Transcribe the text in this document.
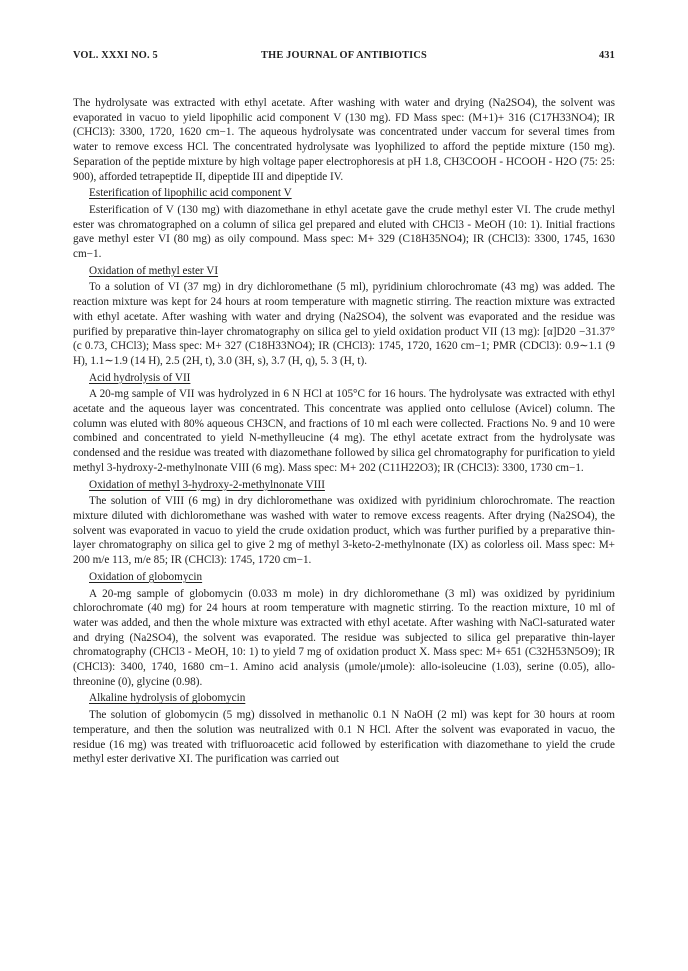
VOL. XXXI NO. 5	THE JOURNAL OF ANTIBIOTICS	431

The hydrolysate was extracted with ethyl acetate. After washing with water and drying (Na2SO4), the solvent was evaporated in vacuo to yield lipophilic acid component V (130 mg). FD Mass spec: (M+1)+ 316 (C17H33NO4); IR (CHCl3): 3300, 1720, 1620 cm−1. The aqueous hydrolysate was concentrated under vaccum for several times from water to remove excess HCl. The concentrated hydrolysate was lyophilized to afford the peptide mixture (150 mg). Separation of the peptide mixture by high voltage paper electrophoresis at pH 1.8, CH3COOH - HCOOH - H2O (75: 25: 900), afforded tetrapeptide II, dipeptide III and dipeptide IV.

Esterification of lipophilic acid component V

Esterification of V (130 mg) with diazomethane in ethyl acetate gave the crude methyl ester VI. The crude methyl ester was chromatographed on a column of silica gel prepared and eluted with CHCl3 - MeOH (10: 1). Initial fractions gave methyl ester VI (80 mg) as oily compound. Mass spec: M+ 329 (C18H35NO4); IR (CHCl3): 3300, 1745, 1630 cm−1.

Oxidation of methyl ester VI

To a solution of VI (37 mg) in dry dichloromethane (5 ml), pyridinium chlorochromate (43 mg) was added. The reaction mixture was kept for 24 hours at room temperature with magnetic stirring. The reaction mixture was extracted with ethyl acetate. After washing with water and drying (Na2SO4), the solvent was evaporated and the residue was purified by preparative thin-layer chromatography on silica gel to yield oxidation product VII (13 mg): [α]D20 −31.37° (c 0.73, CHCl3); Mass spec: M+ 327 (C18H33NO4); IR (CHCl3): 1745, 1720, 1620 cm−1; PMR (CDCl3): 0.9∼1.1 (9 H), 1.1∼1.9 (14 H), 2.5 (2H, t), 3.0 (3H, s), 3.7 (H, q), 5. 3 (H, t).

Acid hydrolysis of VII

A 20-mg sample of VII was hydrolyzed in 6 N HCl at 105°C for 16 hours. The hydrolysate was extracted with ethyl acetate and the aqueous layer was concentrated. This concentrate was applied onto cellulose (Avicel) column. The column was eluted with 80% aqueous CH3CN, and fractions of 10 ml each were collected. Fractions No. 9 and 10 were combined and concentrated to yield N-methylleucine (4 mg). The ethyl acetate extract from the hydrolysate was condensed and the residue was treated with diazomethane followed by silica gel chromatography for purification to yield methyl 3-hydroxy-2-methylnonate VIII (6 mg). Mass spec: M+ 202 (C11H22O3); IR (CHCl3): 3300, 1730 cm−1.

Oxidation of methyl 3-hydroxy-2-methylnonate VIII

The solution of VIII (6 mg) in dry dichloromethane was oxidized with pyridinium chlorochromate. The reaction mixture diluted with dichloromethane was washed with water to remove excess reagents. After drying (Na2SO4), the solvent was evaporated in vacuo to yield the crude oxidation product, which was further purified by a preparative thin-layer chromatography on silica gel to give 2 mg of methyl 3-keto-2-methylnonate (IX) as colorless oil. Mass spec: M+ 200 m/e 113, m/e 85; IR (CHCl3): 1745, 1720 cm−1.

Oxidation of globomycin

A 20-mg sample of globomycin (0.033 m mole) in dry dichloromethane (3 ml) was oxidized by pyridinium chlorochromate (40 mg) for 24 hours at room temperature with magnetic stirring. To the reaction mixture, 10 ml of water was added, and then the whole mixture was extracted with ethyl acetate. After washing with NaCl-saturated water and drying (Na2SO4), the solvent was evaporated. The residue was subjected to silica gel preparative thin-layer chromatography (CHCl3 - MeOH, 10: 1) to yield 7 mg of oxidation product X. Mass spec: M+ 651 (C32H53N5O9); IR (CHCl3): 3400, 1740, 1680 cm−1. Amino acid analysis (μmole/μmole): allo-isoleucine (1.03), serine (0.05), allo-threonine (0), glycine (0.98).

Alkaline hydrolysis of globomycin

The solution of globomycin (5 mg) dissolved in methanolic 0.1 N NaOH (2 ml) was kept for 30 hours at room temperature, and then the solution was neutralized with 0.1 N HCl. After the solvent was evaporated in vacuo, the residue (16 mg) was treated with trifluoroacetic acid followed by esterification with diazomethane to yield the crude methyl ester derivative XI. The purification was carried out
